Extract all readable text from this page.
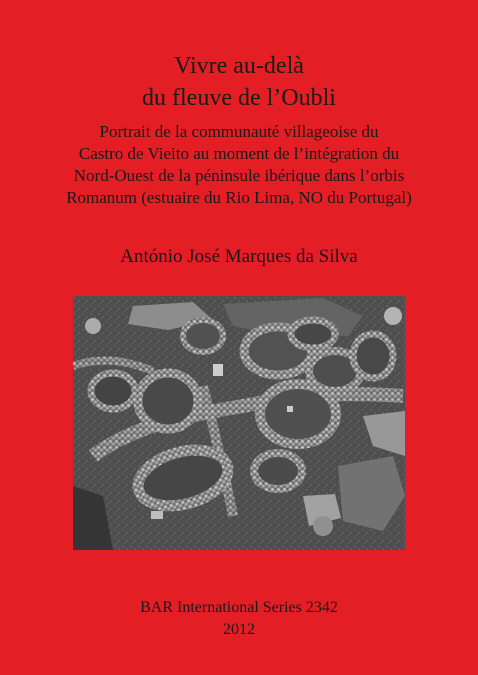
Vivre au-delà
du fleuve de l’Oubli
Portrait de la communauté villageoise du
Castro de Vieito au moment de l’intégration du
Nord-Ouest de la péninsule ibérique dans l’orbis
Romanum (estuaire du Rio Lima, NO du Portugal)
António José Marques da Silva
BAR International Series 2342
2012
